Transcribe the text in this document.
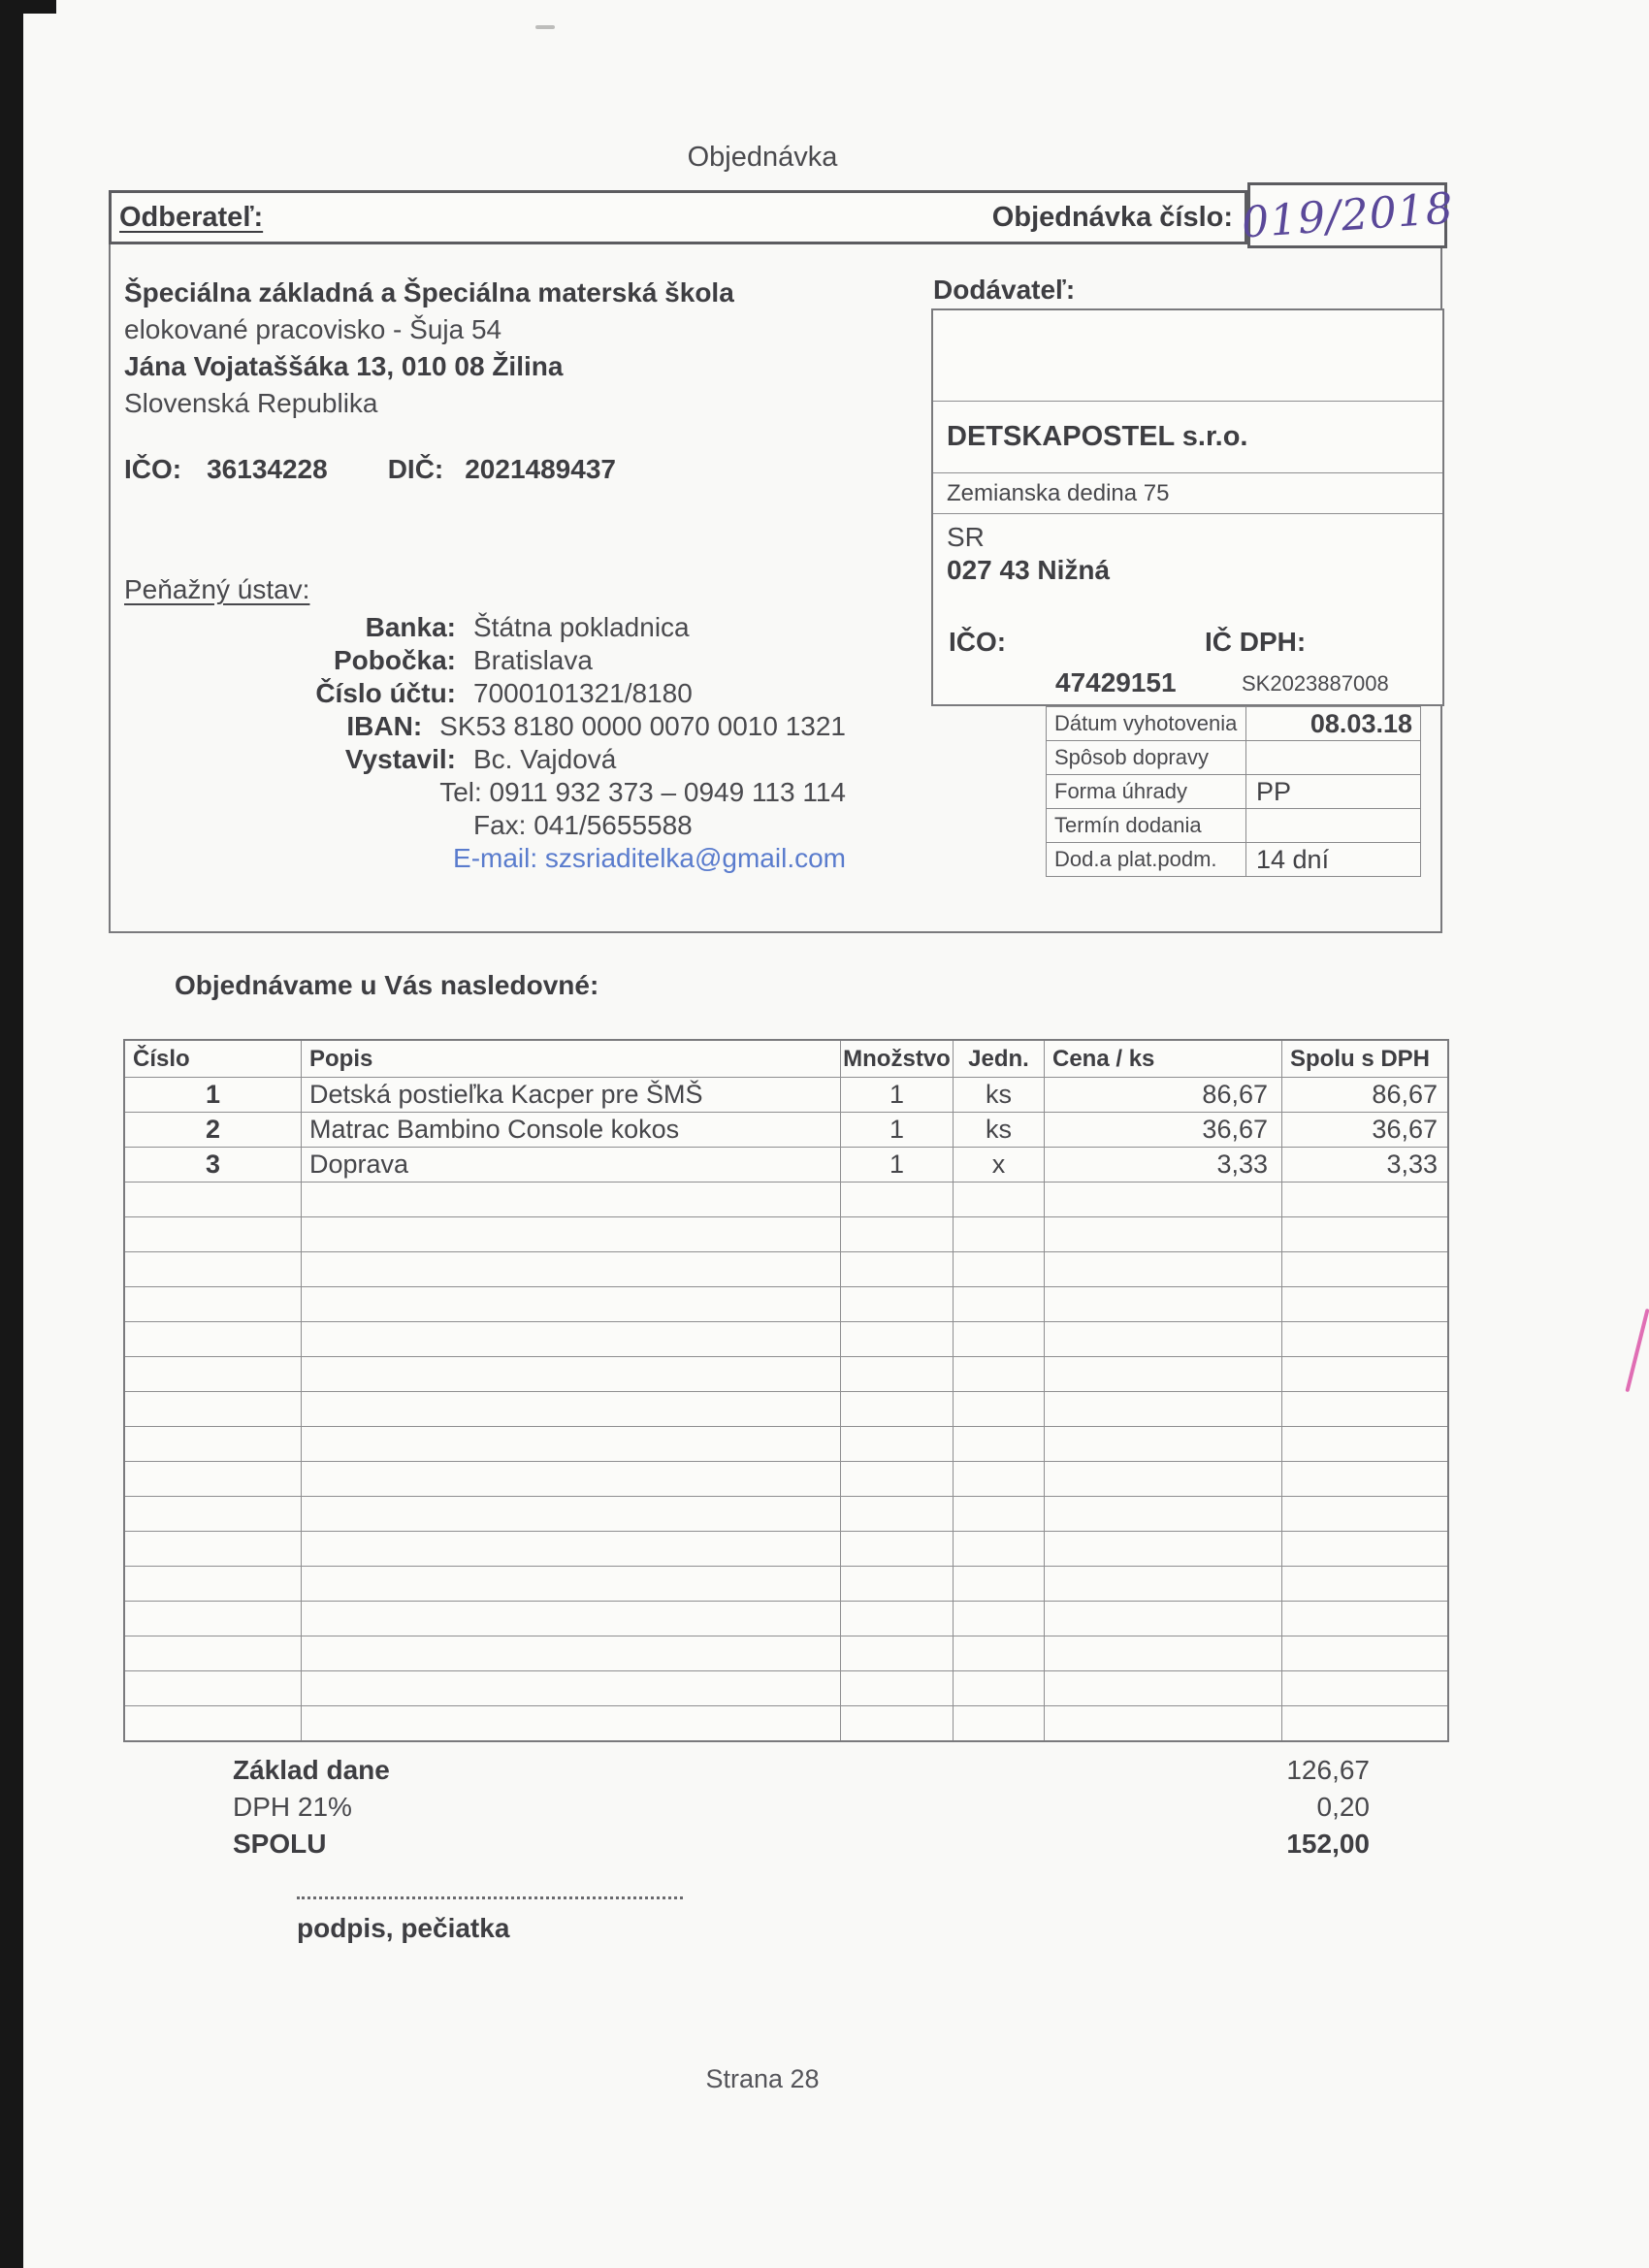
Objednávka
Odberateľ:	Objednávka číslo: 019/2018
Špeciálna základná a Špeciálna materská škola
elokované pracovisko - Šuja 54
Jána Vojataššáka 13, 010 08 Žilina
Slovenská Republika
IČO: 36134228 DIČ: 2021489437
Peňažný ústav:
Banka: Štátna pokladnica
Pobočka: Bratislava
Číslo účtu: 7000101321/8180
IBAN: SK53 8180 0000 0070 0010 1321
Vystavil: Bc. Vajdová
Tel: 0911 932 373 – 0949 113 114
Fax: 041/5655588
E-mail: szsriaditelka@gmail.com
Dodávateľ:
DETSKAPOSTEL s.r.o.
Zemianska dedina 75
SR
027 43 Nižná
IČO:	IČ DPH:
47429151	SK2023887008
Dátum vyhotovenia	08.03.18
Spôsob dopravy	
Forma úhrady	PP
Termín dodania	
Dod.a plat.podm.	14 dní
Objednávame u Vás nasledovné:
Číslo	Popis	Množstvo	Jedn.	Cena / ks	Spolu s DPH
1	Detská postieľka Kacper pre ŠMŠ	1	ks	86,67	86,67
2	Matrac Bambino Console kokos	1	ks	36,67	36,67
3	Doprava	1	x	3,33	3,33

Základ dane	126,67
DPH 21%	0,20
SPOLU	152,00
podpis, pečiatka
Strana 28
